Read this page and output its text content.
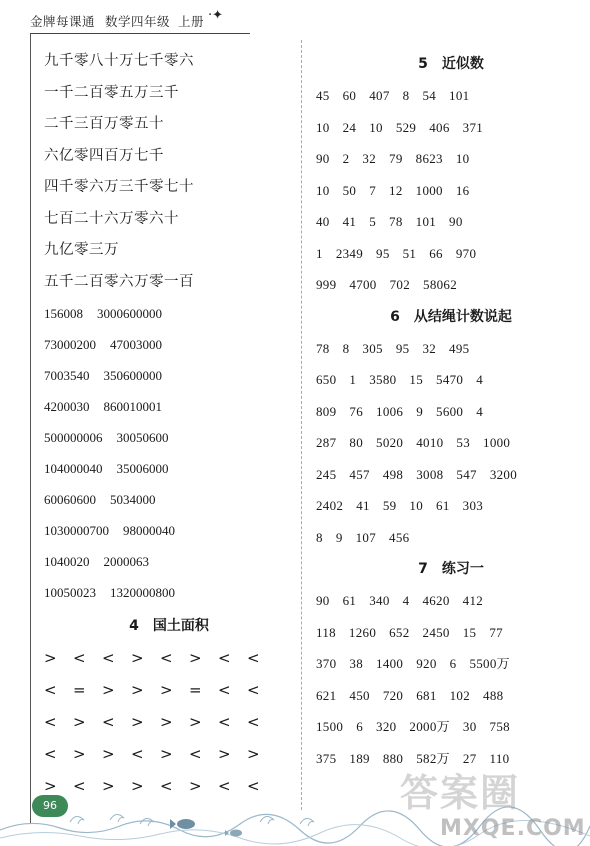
金牌每课通 数学四年级 上册 ·✦
九千零八十万七千零六
一千二百零五万三千
二千三百万零五十
六亿零四百万七千
四千零六万三千零七十
七百二十六万零六十
九亿零三万
五千二百零六万零一百
156008 3000600000
73000200 47003000
7003540 350600000
4200030 860010001
500000006 30050600
104000040 35006000
60060600 5034000
1030000700 98000040
1040020 2000063
10050023 1320000800
4 国土面积
> < < > < > < <
< = > > > = < <
< > < > > > < <
< > > < > < > >
> < > > < > < <
5 近似数
45 60 407 8 54 101
10 24 10 529 406 371
90 2 32 79 8623 10
10 50 7 12 1000 16
40 41 5 78 101 90
1 2349 95 51 66 970
999 4700 702 58062
6 从结绳计数说起
78 8 305 95 32 495
650 1 3580 15 5470 4
809 76 1006 9 5600 4
287 80 5020 4010 53 1000
245 457 498 3008 547 3200
2402 41 59 10 61 303
8 9 107 456
7 练习一
90 61 340 4 4620 412
118 1260 652 2450 15 77
370 38 1400 920 6 5500万
621 450 720 681 102 488
1500 6 320 2000万 30 758
375 189 880 582万 27 110
96	答案圈
MXQE.COM
